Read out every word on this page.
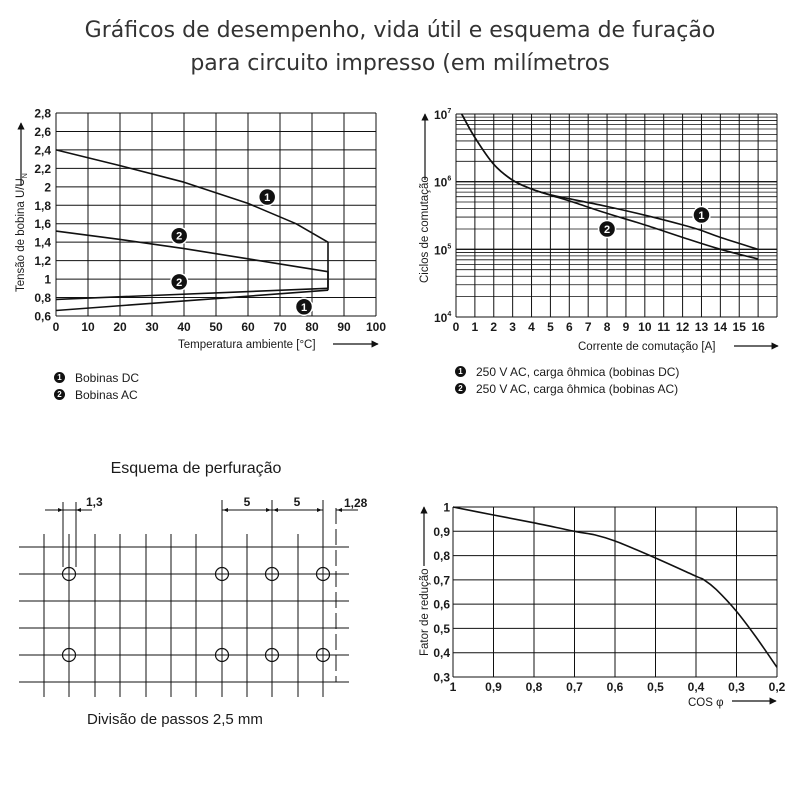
Gráficos de desempenho, vida útil e esquema de furação
para circuito impresso (em milímetros
0 10 20 30 40 50 60 70 80 90 100
0,6
0,8
1
1,2
1,4
1,6
1,8
2
2,2
2,4
2,6
2,8
1
2
2
1
Tensão de bobina $U/U_N$
Temperatura ambiente [°C]
0 1 2 3 4 5 6 7 8 9 10 11 12 13 14 15 16
$10^4$
$10^5$
$10^6$
$10^7$
1
2
Ciclos de comutação
Corrente de comutação [A]
1 0,9 0,8 0,7 0,6 0,5 0,4 0,3 0,2
0,3
0,4
0,5
0,6
0,7
0,8
0,9
1
Fator de redução
COS φ
Esquema de perfuração
1,3	5	5	1,28
1 Bobinas DC
2 Bobinas AC
1 250 V AC, carga ôhmica (bobinas DC)
2 250 V AC, carga ôhmica (bobinas AC)
Divisão de passos 2,5 mm
